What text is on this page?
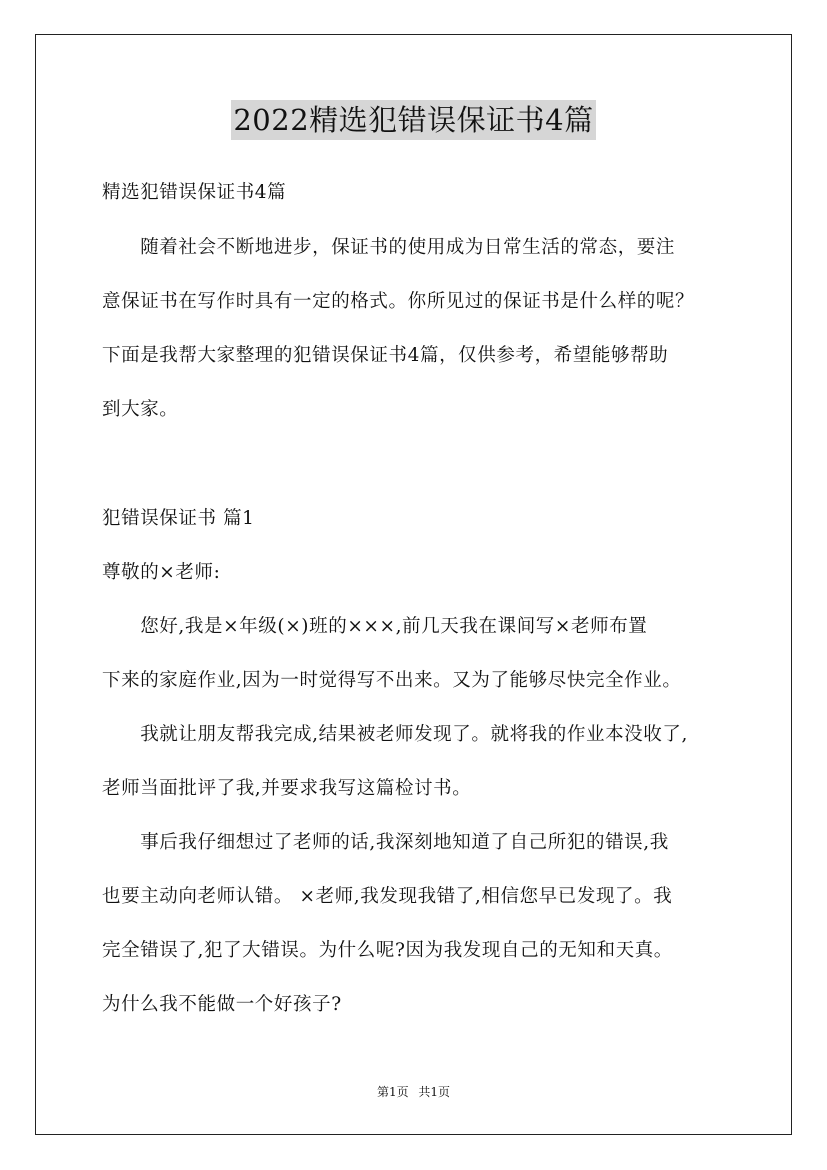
2022精选犯错误保证书4篇
精选犯错误保证书4篇
　　随着社会不断地进步，保证书的使用成为日常生活的常态，要注
意保证书在写作时具有一定的格式。你所见过的保证书是什么样的呢？
下面是我帮大家整理的犯错误保证书4篇，仅供参考，希望能够帮助
到大家。
犯错误保证书 篇1
尊敬的×老师:
　　您好,我是×年级(×)班的×××,前几天我在课间写×老师布置
下来的家庭作业,因为一时觉得写不出来。又为了能够尽快完全作业。
　　我就让朋友帮我完成,结果被老师发现了。就将我的作业本没收了,
老师当面批评了我,并要求我写这篇检讨书。
　　事后我仔细想过了老师的话,我深刻地知道了自己所犯的错误,我
也要主动向老师认错。 ×老师,我发现我错了,相信您早已发现了。我
完全错误了,犯了大错误。为什么呢?因为我发现自己的无知和天真。
为什么我不能做一个好孩子?
第1页 共1页
